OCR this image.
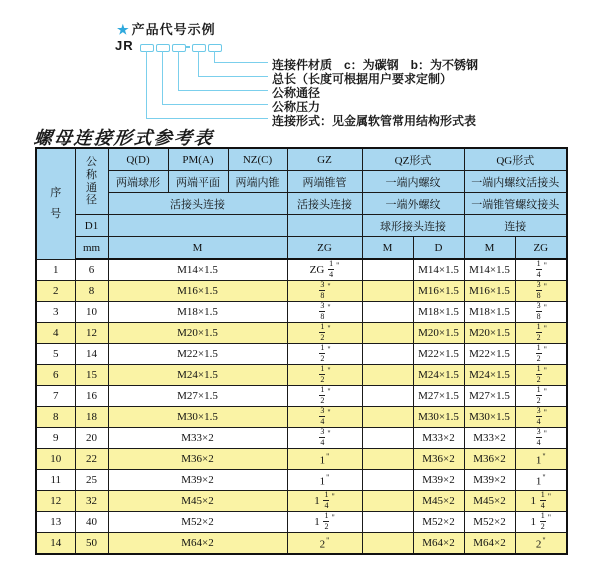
★ 产品代号示例
JR
连接件材质　c：为碳钢　b：为不锈钢
总长（长度可根据用户要求定制）
公称通径
公称压力
连接形式：见金属软管常用结构形式表
螺母连接形式参考表
序
号

公
称
通
径
	Q(D)	PM(A)	NZ(C)	GZ	QZ形式	QG形式
		两端球形	两端平面	两端内锥	两端锥管	一端内螺纹		一端内螺纹活接头	
		活接头连接			活接头连接	一端外螺纹		一端锥管螺纹接头	
	D1					球形接头连接		连接	
	mm	M			ZG	M	D	M	ZG
1	6	M14×1.5			ZG $\frac{1}{4} ^"$		M14×1.5	M14×1.5	$\frac{1}{4} ^"$
2	8	M16×1.5			$\frac{3}{8} ^"$		M16×1.5	M16×1.5	$\frac{3}{8} ^"$
3	10	M18×1.5			$\frac{3}{8} ^"$		M18×1.5	M18×1.5	$\frac{3}{8} ^"$
4	12	M20×1.5			$\frac{1}{2} ^"$		M20×1.5	M20×1.5	$\frac{1}{2} ^"$
5	14	M22×1.5			$\frac{1}{2} ^"$		M22×1.5	M22×1.5	$\frac{1}{2} ^"$
6	15	M24×1.5			$\frac{1}{2} ^"$		M24×1.5	M24×1.5	$\frac{1}{2} ^"$
7	16	M27×1.5			$\frac{1}{2} ^"$		M27×1.5	M27×1.5	$\frac{1}{2} ^"$
8	18	M30×1.5			$\frac{3}{4} ^"$		M30×1.5	M30×1.5	$\frac{3}{4} ^"$
9	20	M33×2			$\frac{3}{4} ^"$		M33×2	M33×2	$\frac{3}{4} ^"$
10	22	M36×2			1"		M36×2	M36×2	1"
11	25	M39×2			1"		M39×2	M39×2	1"
12	32	M45×2			$1 \frac{1}{4} ^"$		M45×2	M45×2	$1 \frac{1}{4} ^"$
13	40	M52×2			$1 \frac{1}{2} ^"$		M52×2	M52×2	$1 \frac{1}{2} ^"$
14	50	M64×2			2"		M64×2	M64×2	2"
